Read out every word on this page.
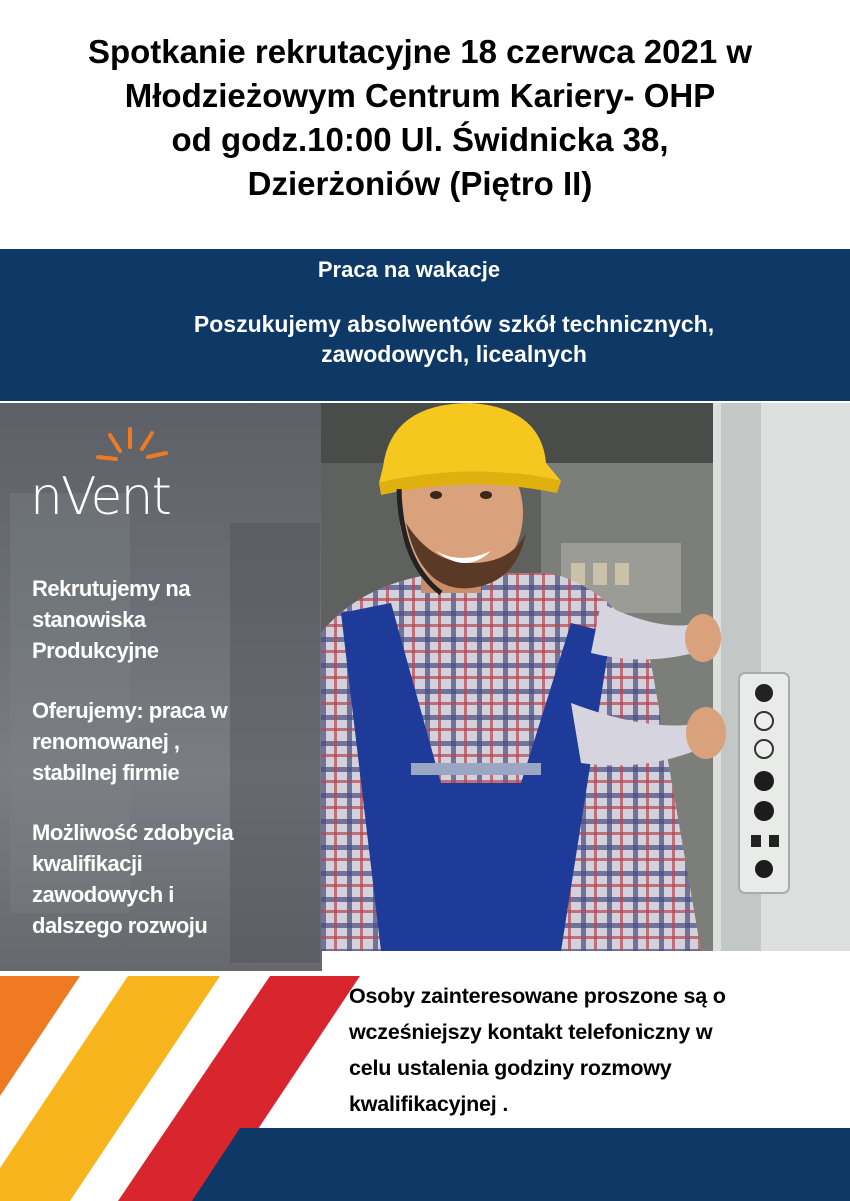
Spotkanie rekrutacyjne 18 czerwca 2021 w
Młodzieżowym Centrum Kariery- OHP
od godz.10:00 Ul. Świdnicka 38,
Dzierżoniów (Piętro II)
Praca na wakacje
Poszukujemy absolwentów szkół technicznych,
zawodowych, licealnych
nVent
Rekrutujemy na
stanowiska
Produkcyjne
Oferujemy: praca w
renomowanej ,
stabilnej firmie
Możliwość zdobycia
kwalifikacji
zawodowych i
dalszego rozwoju
Osoby zainteresowane proszone są o
wcześniejszy kontakt telefoniczny w
celu ustalenia godziny rozmowy
kwalifikacyjnej .
